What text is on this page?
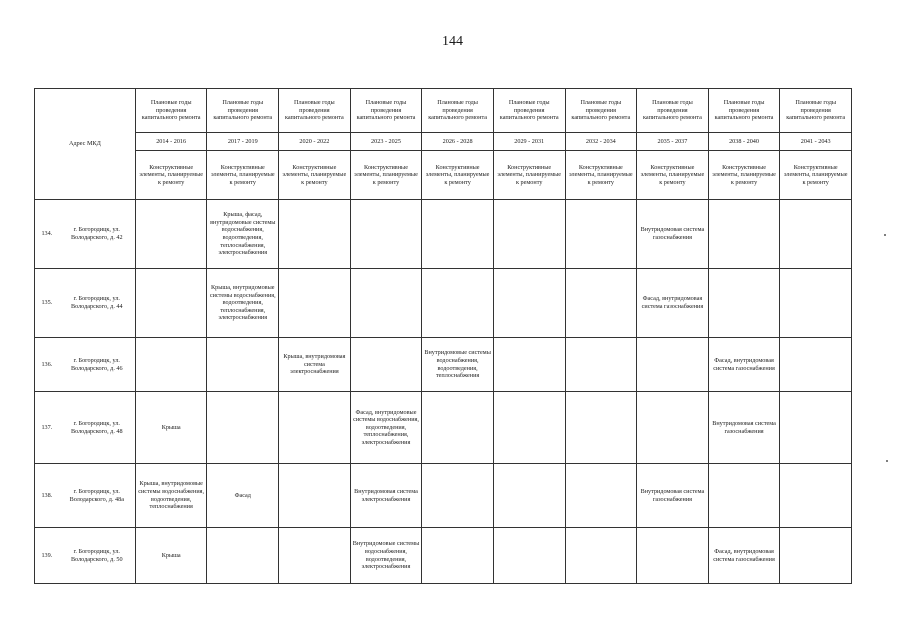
144
Адрес МКД		Плановые годы проведения капитального ремонта	Плановые годы проведения капитального ремонта	Плановые годы проведения капитального ремонта	Плановые годы проведения капитального ремонта	Плановые годы проведения капитального ремонта	Плановые годы проведения капитального ремонта	Плановые годы проведения капитального ремонта	Плановые годы проведения капитального ремонта	Плановые годы проведения капитального ремонта	Плановые годы проведения капитального ремонта
		2014 - 2016	2017 - 2019	2020 - 2022	2023 - 2025	2026 - 2028	2029 - 2031	2032 - 2034	2035 - 2037	2038 - 2040	2041 - 2043
		Конструктивные элементы, планируемые к ремонту	Конструктивные элементы, планируемые к ремонту	Конструктивные элементы, планируемые к ремонту	Конструктивные элементы, планируемые к ремонту	Конструктивные элементы, планируемые к ремонту	Конструктивные элементы, планируемые к ремонту	Конструктивные элементы, планируемые к ремонту	Конструктивные элементы, планируемые к ремонту	Конструктивные элементы, планируемые к ремонту	Конструктивные элементы, планируемые к ремонту
134.	г. Богородицк, ул. Володарского, д. 42		Крыша, фасад, внутридомовые системы водоснабжения, водоотведения, теплоснабжения, электроснабжения						Внутридомовая система газоснабжения		
135.	г. Богородицк, ул. Володарского, д. 44		Крыша, внутридомовые системы водоснабжения, водоотведения, теплоснабжения, электроснабжения						Фасад, внутридомовая система газоснабжения		
136.	г. Богородицк, ул. Володарского, д. 46			Крыша, внутридомовая система электроснабжения		Внутридомовые системы водоснабжения, водоотведения, теплоснабжения				Фасад, внутридомовая система газоснабжения	
137.	г. Богородицк, ул. Володарского, д. 48	Крыша			Фасад, внутридомовые системы водоснабжения, водоотведения, теплоснабжения, электроснабжения					Внутридомовая система газоснабжения	
138.	г. Богородицк, ул. Володарского, д. 48а	Крыша, внутридомовые системы водоснабжения, водоотведения, теплоснабжения	Фасад		Внутридомовая система электроснабжения				Внутридомовая система газоснабжения		
139.	г. Богородицк, ул. Володарского, д. 50	Крыша			Внутридомовые системы водоснабжения, водоотведения, электроснабжения					Фасад, внутридомовая система газоснабжения	
